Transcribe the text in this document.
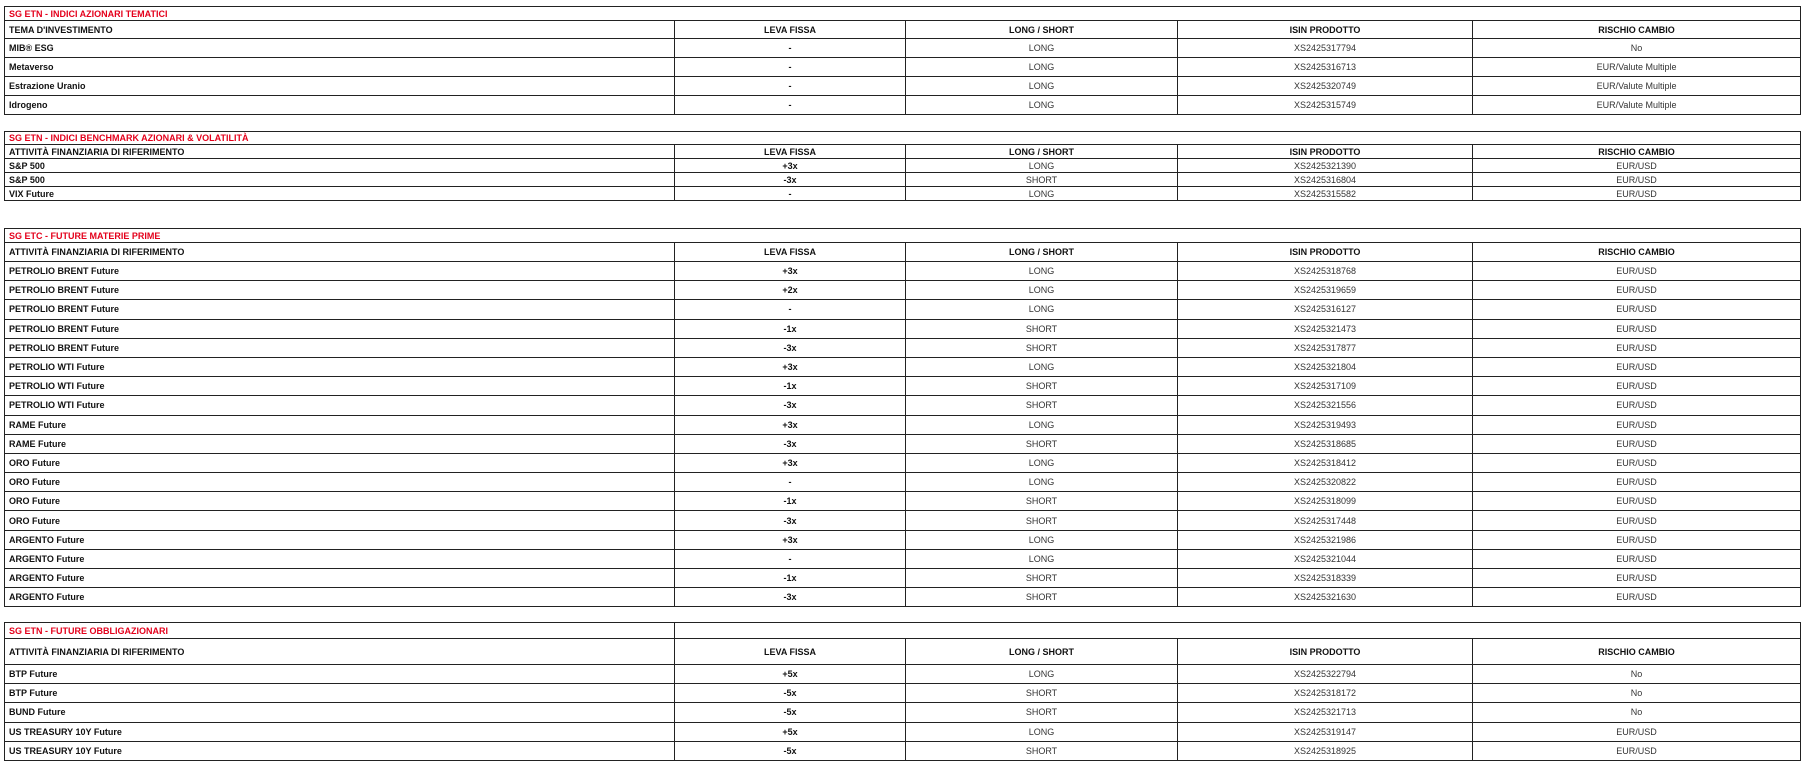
SG ETN - INDICI AZIONARI TEMATICI				
TEMA D'INVESTIMENTO	LEVA FISSA	LONG / SHORT	ISIN PRODOTTO	RISCHIO CAMBIO
MIB® ESG	-	LONG	XS2425317794	No
Metaverso	-	LONG	XS2425316713	EUR/Valute Multiple
Estrazione Uranio	-	LONG	XS2425320749	EUR/Valute Multiple
Idrogeno	-	LONG	XS2425315749	EUR/Valute Multiple
SG ETN - INDICI BENCHMARK AZIONARI & VOLATILITÀ				
ATTIVITÀ FINANZIARIA DI RIFERIMENTO	LEVA FISSA	LONG / SHORT	ISIN PRODOTTO	RISCHIO CAMBIO
S&P 500	+3x	LONG	XS2425321390	EUR/USD
S&P 500	-3x	SHORT	XS2425316804	EUR/USD
VIX Future	-	LONG	XS2425315582	EUR/USD
SG ETC - FUTURE MATERIE PRIME				
ATTIVITÀ FINANZIARIA DI RIFERIMENTO	LEVA FISSA	LONG / SHORT	ISIN PRODOTTO	RISCHIO CAMBIO
PETROLIO BRENT Future	+3x	LONG	XS2425318768	EUR/USD
PETROLIO BRENT Future	+2x	LONG	XS2425319659	EUR/USD
PETROLIO BRENT Future	-	LONG	XS2425316127	EUR/USD
PETROLIO BRENT Future	-1x	SHORT	XS2425321473	EUR/USD
PETROLIO BRENT Future	-3x	SHORT	XS2425317877	EUR/USD
PETROLIO WTI Future	+3x	LONG	XS2425321804	EUR/USD
PETROLIO WTI Future	-1x	SHORT	XS2425317109	EUR/USD
PETROLIO WTI Future	-3x	SHORT	XS2425321556	EUR/USD
RAME Future	+3x	LONG	XS2425319493	EUR/USD
RAME Future	-3x	SHORT	XS2425318685	EUR/USD
ORO Future	+3x	LONG	XS2425318412	EUR/USD
ORO Future	-	LONG	XS2425320822	EUR/USD
ORO Future	-1x	SHORT	XS2425318099	EUR/USD
ORO Future	-3x	SHORT	XS2425317448	EUR/USD
ARGENTO Future	+3x	LONG	XS2425321986	EUR/USD
ARGENTO Future	-	LONG	XS2425321044	EUR/USD
ARGENTO Future	-1x	SHORT	XS2425318339	EUR/USD
ARGENTO Future	-3x	SHORT	XS2425321630	EUR/USD
SG ETN - FUTURE OBBLIGAZIONARI				
ATTIVITÀ FINANZIARIA DI RIFERIMENTO	LEVA FISSA	LONG / SHORT	ISIN PRODOTTO	RISCHIO CAMBIO
BTP Future	+5x	LONG	XS2425322794	No
BTP Future	-5x	SHORT	XS2425318172	No
BUND Future	-5x	SHORT	XS2425321713	No
US TREASURY 10Y Future	+5x	LONG	XS2425319147	EUR/USD
US TREASURY 10Y Future	-5x	SHORT	XS2425318925	EUR/USD
